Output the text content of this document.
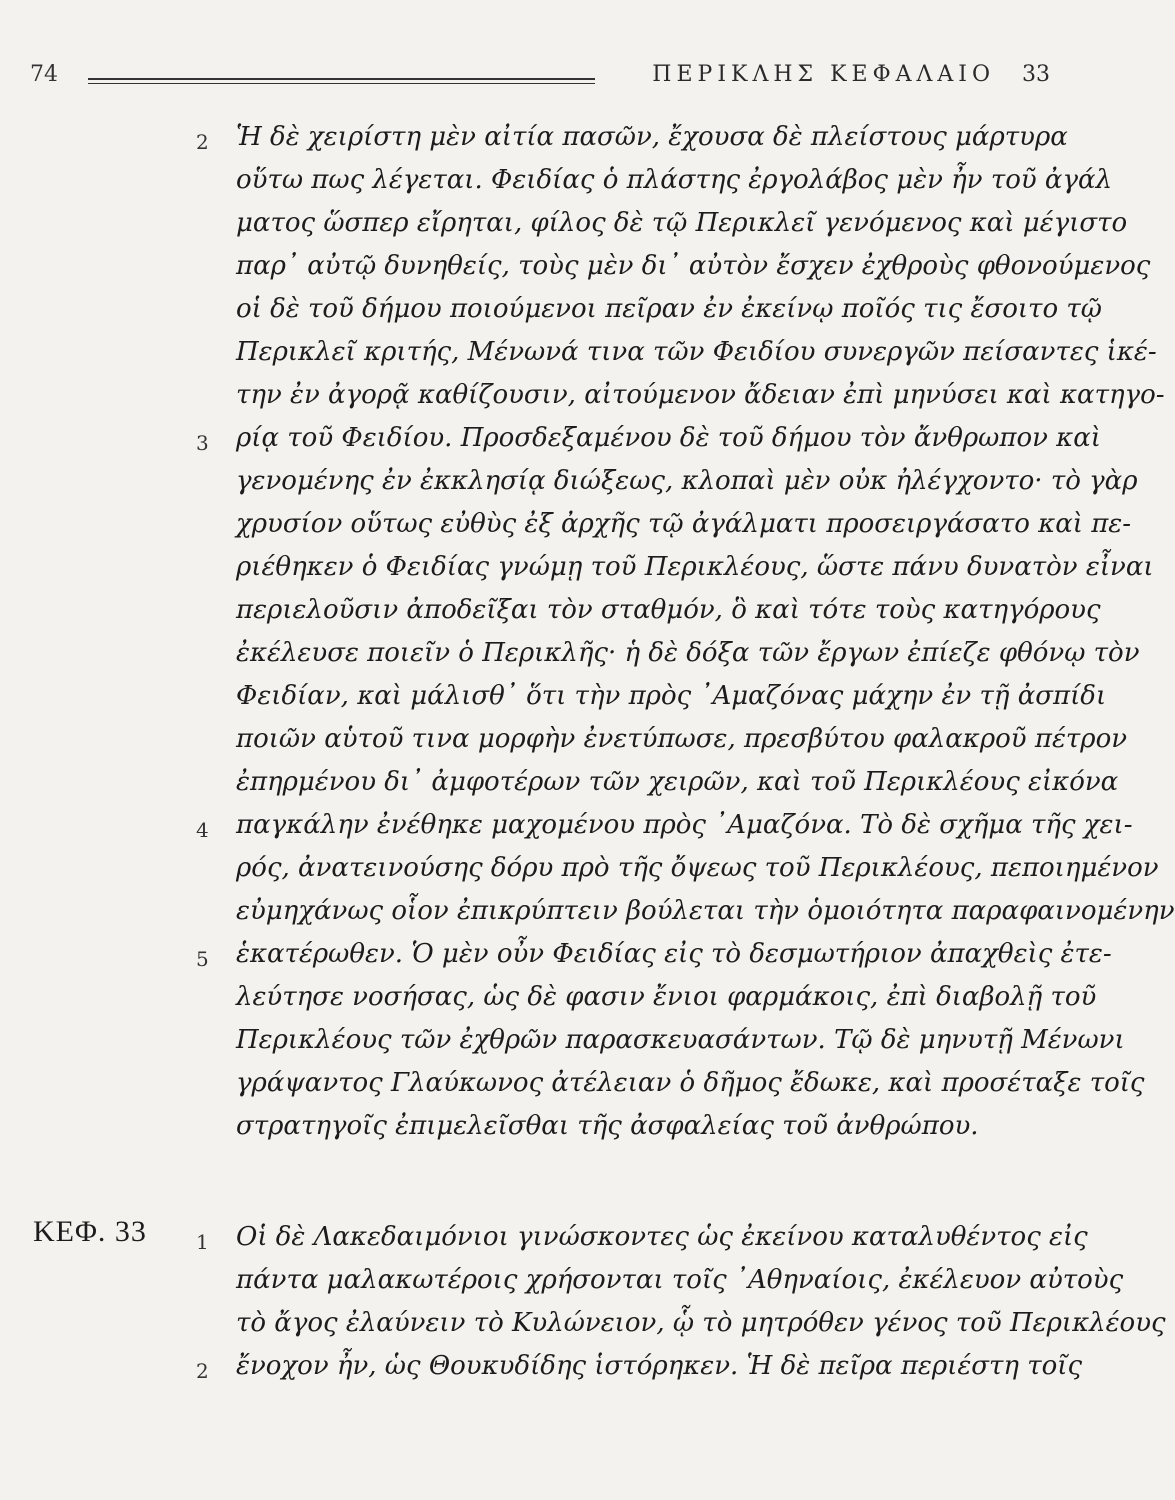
74	ΠΕΡΙΚΛΗΣ ΚΕΦΑΛΑΙΟ 33
Ἡ δὲ χειρίστη μὲν αἰτία πασῶν, ἔχουσα δὲ πλείστους μάρτυρα
οὕτω πως λέγεται. Φειδίας ὁ πλάστης ἐργολάβος μὲν ἦν τοῦ ἀγάλ
ματος ὥσπερ εἴρηται, φίλος δὲ τῷ Περικλεῖ γενόμενος καὶ μέγιστο
παρ᾿ αὐτῷ δυνηθείς, τοὺς μὲν δι᾿ αὐτὸν ἔσχεν ἐχθροὺς φθονούμενος
οἱ δὲ τοῦ δήμου ποιούμενοι πεῖραν ἐν ἐκείνῳ ποῖός τις ἔσοιτο τῷ
Περικλεῖ κριτής, Μένωνά τινα τῶν Φειδίου συνεργῶν πείσαντες ἱκέ-
την ἐν ἀγορᾷ καθίζουσιν, αἰτούμενον ἄδειαν ἐπὶ μηνύσει καὶ κατηγο-
ρίᾳ τοῦ Φειδίου. Προσδεξαμένου δὲ τοῦ δήμου τὸν ἄνθρωπον καὶ
γενομένης ἐν ἐκκλησίᾳ διώξεως, κλοπαὶ μὲν οὐκ ἠλέγχοντο· τὸ γὰρ
χρυσίον οὕτως εὐθὺς ἐξ ἀρχῆς τῷ ἀγάλματι προσειργάσατο καὶ πε-
ριέθηκεν ὁ Φειδίας γνώμῃ τοῦ Περικλέους, ὥστε πάνυ δυνατὸν εἶναι
περιελοῦσιν ἀποδεῖξαι τὸν σταθμόν, ὃ καὶ τότε τοὺς κατηγόρους
ἐκέλευσε ποιεῖν ὁ Περικλῆς· ἡ δὲ δόξα τῶν ἔργων ἐπίεζε φθόνῳ τὸν
Φειδίαν, καὶ μάλισθ᾿ ὅτι τὴν πρὸς ᾿Αμαζόνας μάχην ἐν τῇ ἀσπίδι
ποιῶν αὑτοῦ τινα μορφὴν ἐνετύπωσε, πρεσβύτου φαλακροῦ πέτρον
ἐπηρμένου δι᾿ ἀμφοτέρων τῶν χειρῶν, καὶ τοῦ Περικλέους εἰκόνα
παγκάλην ἐνέθηκε μαχομένου πρὸς ᾿Αμαζόνα. Τὸ δὲ σχῆμα τῆς χει-
ρός, ἀνατεινούσης δόρυ πρὸ τῆς ὄψεως τοῦ Περικλέους, πεποιημένον
εὐμηχάνως οἷον ἐπικρύπτειν βούλεται τὴν ὁμοιότητα παραφαινομένην
ἑκατέρωθεν. Ὁ μὲν οὖν Φειδίας εἰς τὸ δεσμωτήριον ἀπαχθεὶς ἐτε-
λεύτησε νοσήσας, ὡς δὲ φασιν ἔνιοι φαρμάκοις, ἐπὶ διαβολῇ τοῦ
Περικλέους τῶν ἐχθρῶν παρασκευασάντων. Τῷ δὲ μηνυτῇ Μένωνι
γράψαντος Γλαύκωνος ἀτέλειαν ὁ δῆμος ἔδωκε, καὶ προσέταξε τοῖς
στρατηγοῖς ἐπιμελεῖσθαι τῆς ἀσφαλείας τοῦ ἀνθρώπου.
Οἱ δὲ Λακεδαιμόνιοι γινώσκοντες ὡς ἐκείνου καταλυθέντος εἰς
πάντα μαλακωτέροις χρήσονται τοῖς ᾿Αθηναίοις, ἐκέλευον αὐτοὺς
τὸ ἄγος ἐλαύνειν τὸ Κυλώνειον, ᾧ τὸ μητρόθεν γένος τοῦ Περικλέους
ἔνοχον ἦν, ὡς Θουκυδίδης ἱστόρηκεν. Ἡ δὲ πεῖρα περιέστη τοῖς
2
3
4
5
1
2
ΚΕΦ. 33
